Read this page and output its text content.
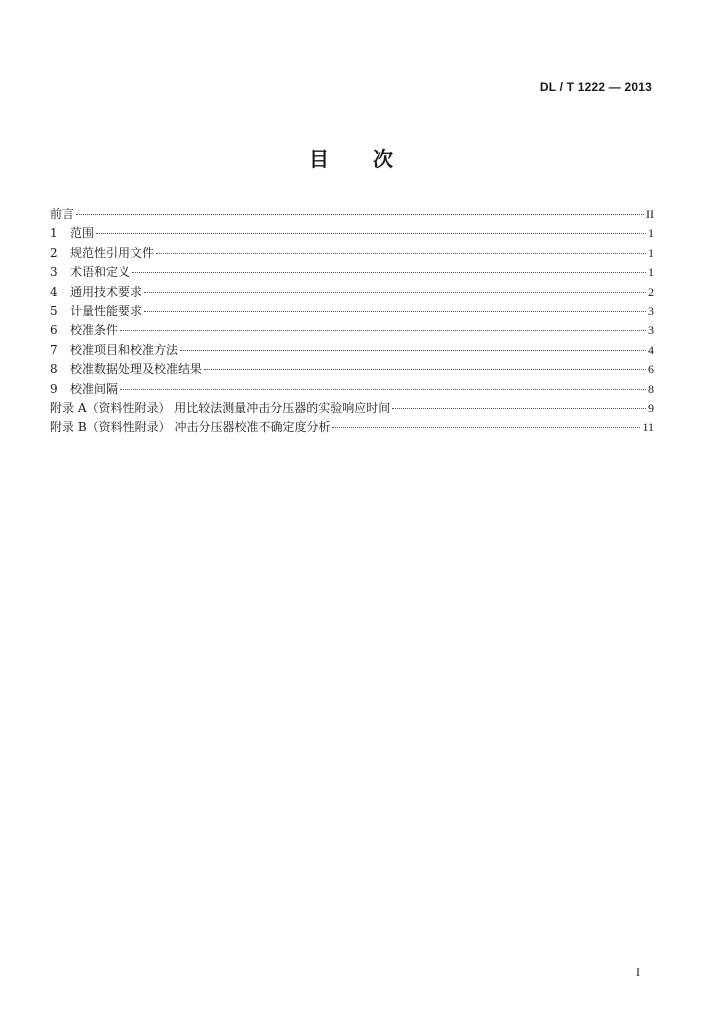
DL / T 1222 — 2013
目次
前言	II
1	范围	1
2	规范性引用文件	1
3	术语和定义	1
4	通用技术要求	2
5	计量性能要求	3
6	校准条件	3
7	校准项目和校准方法	4
8	校准数据处理及校准结果	6
9	校准间隔	8
附录 A（资料性附录） 用比较法测量冲击分压器的实验响应时间	9
附录 B（资料性附录） 冲击分压器校准不确定度分析	11
I
